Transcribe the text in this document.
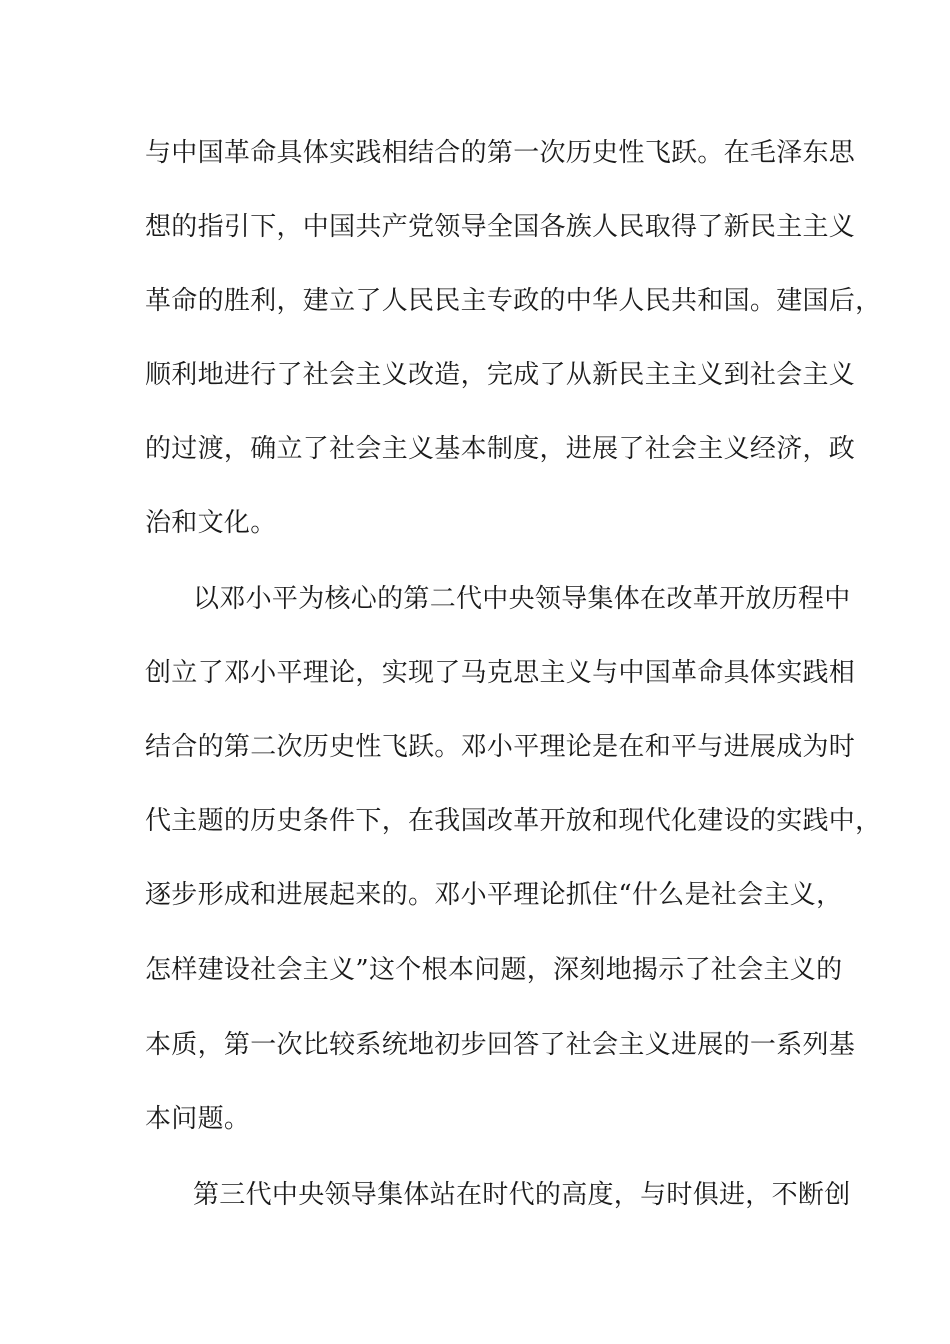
与中国革命具体实践相结合的第一次历史性飞跃。在毛泽东思
想的指引下，中国共产党领导全国各族人民取得了新民主主义
革命的胜利，建立了人民民主专政的中华人民共和国。建国后，
顺利地进行了社会主义改造，完成了从新民主主义到社会主义
的过渡，确立了社会主义基本制度，进展了社会主义经济，政
治和文化。
以邓小平为核心的第二代中央领导集体在改革开放历程中
创立了邓小平理论，实现了马克思主义与中国革命具体实践相
结合的第二次历史性飞跃。邓小平理论是在和平与进展成为时
代主题的历史条件下，在我国改革开放和现代化建设的实践中，
逐步形成和进展起来的。邓小平理论抓住“什么是社会主义，
怎样建设社会主义”这个根本问题，深刻地揭示了社会主义的
本质，第一次比较系统地初步回答了社会主义进展的一系列基
本问题。
第三代中央领导集体站在时代的高度，与时俱进，不断创
